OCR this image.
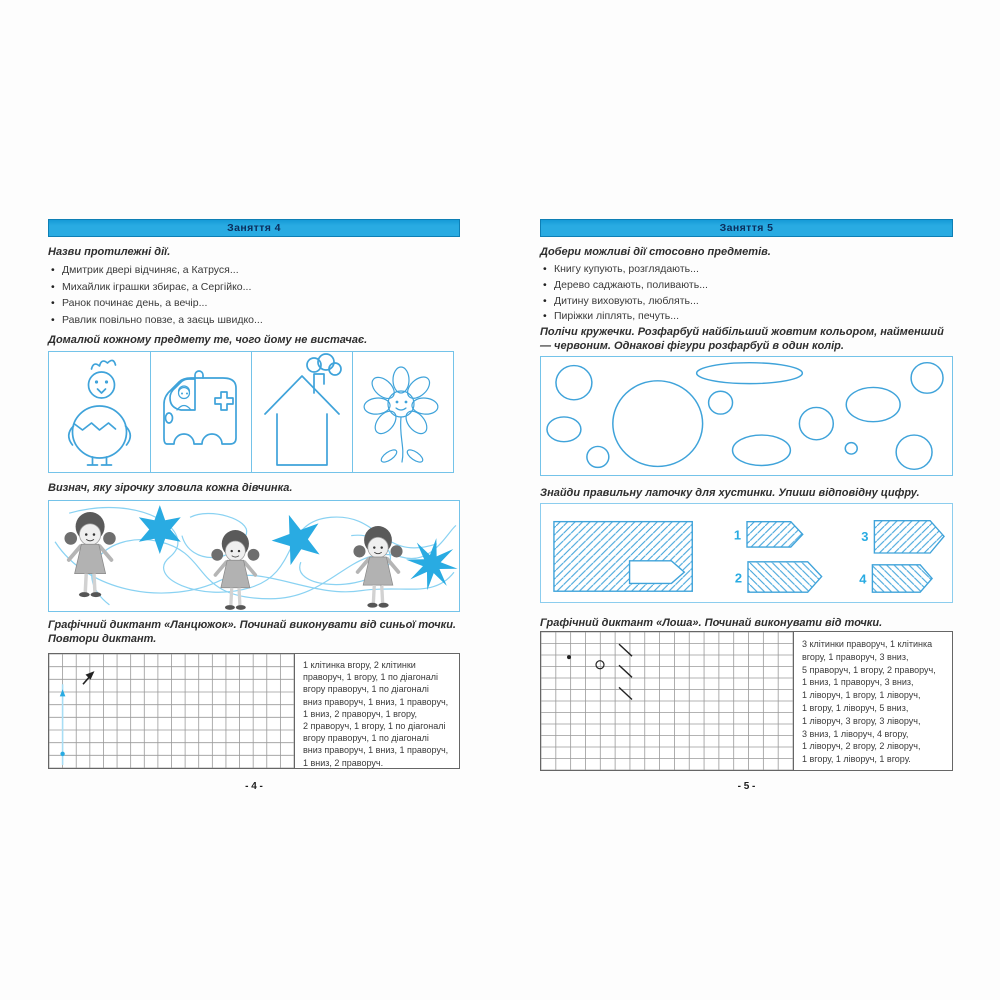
Заняття 4
Назви протилежні дії.
• Дмитрик двері відчиняє, а Катруся...
• Михайлик іграшки збирає, а Сергійко...
• Ранок починає день, а вечір...
• Равлик повільно повзе, а заєць швидко...
Домалюй кожному предмету те, чого йому не вистачає.
Визнач, яку зірочку зловила кожна дівчинка.
Графічний диктант «Ланцюжок». Починай виконувати від синьої точки. Повтори диктант.
1 клітинка вгору, 2 клітинки
праворуч, 1 вгору, 1 по діагоналі
вгору праворуч, 1 по діагоналі
вниз праворуч, 1 вниз, 1 праворуч,
1 вниз, 2 праворуч, 1 вгору,
2 праворуч, 1 вгору, 1 по діагоналі
вгору праворуч, 1 по діагоналі
вниз праворуч, 1 вниз, 1 праворуч,
1 вниз, 2 праворуч.
- 4 -
Заняття 5
Добери можливі дії стосовно предметів.
• Книгу купують, розглядають...
• Дерево саджають, поливають...
• Дитину виховують, люблять...
• Пиріжки ліплять, печуть...
Полічи кружечки. Розфарбуй найбільший жовтим кольором, найменший — червоним. Однакові фігури розфарбуй в один колір.
Знайди правильну латочку для хустинки. Упиши відповідну цифру.
1
2
3
4
Графічний диктант «Лоша». Починай виконувати від точки.
3 клітинки праворуч, 1 клітинка
вгору, 1 праворуч, 3 вниз,
5 праворуч, 1 вгору, 2 праворуч,
1 вниз, 1 праворуч, 3 вниз,
1 ліворуч, 1 вгору, 1 ліворуч,
1 вгору, 1 ліворуч, 5 вниз,
1 ліворуч, 3 вгору, 3 ліворуч,
3 вниз, 1 ліворуч, 4 вгору,
1 ліворуч, 2 вгору, 2 ліворуч,
1 вгору, 1 ліворуч, 1 вгору.
- 5 -
